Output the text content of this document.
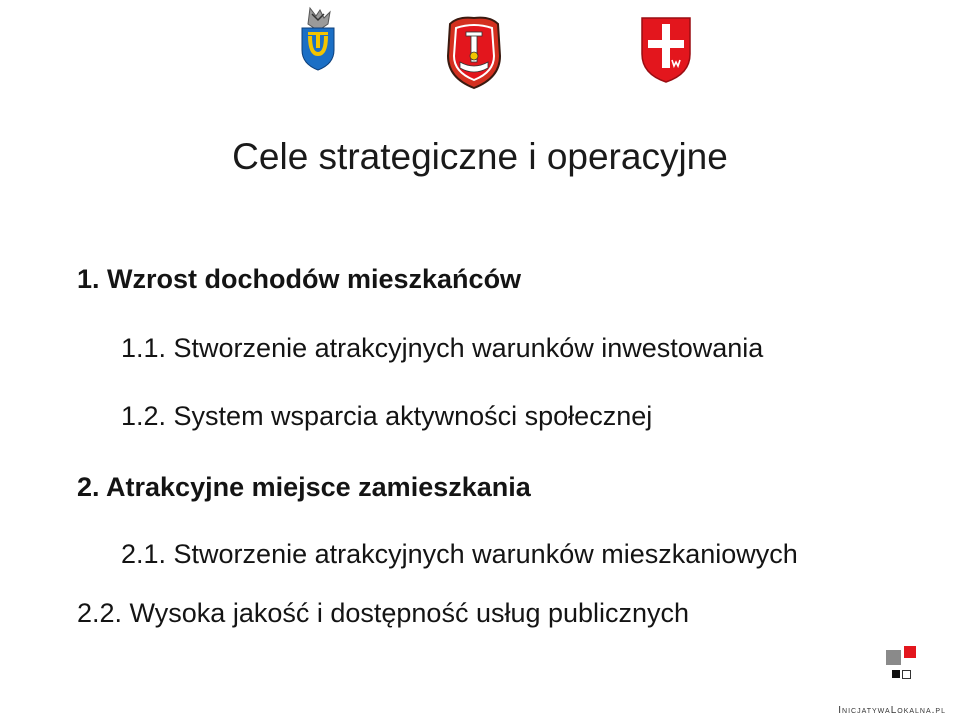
Cele strategiczne i operacyjne
1. Wzrost dochodów mieszkańców
1.1. Stworzenie atrakcyjnych warunków inwestowania
1.2. System wsparcia aktywności społecznej
2. Atrakcyjne miejsce zamieszkania
2.1. Stworzenie atrakcyjnych warunków mieszkaniowych
2.2. Wysoka jakość i dostępność usług publicznych
InicjatywaLokalna.pl
